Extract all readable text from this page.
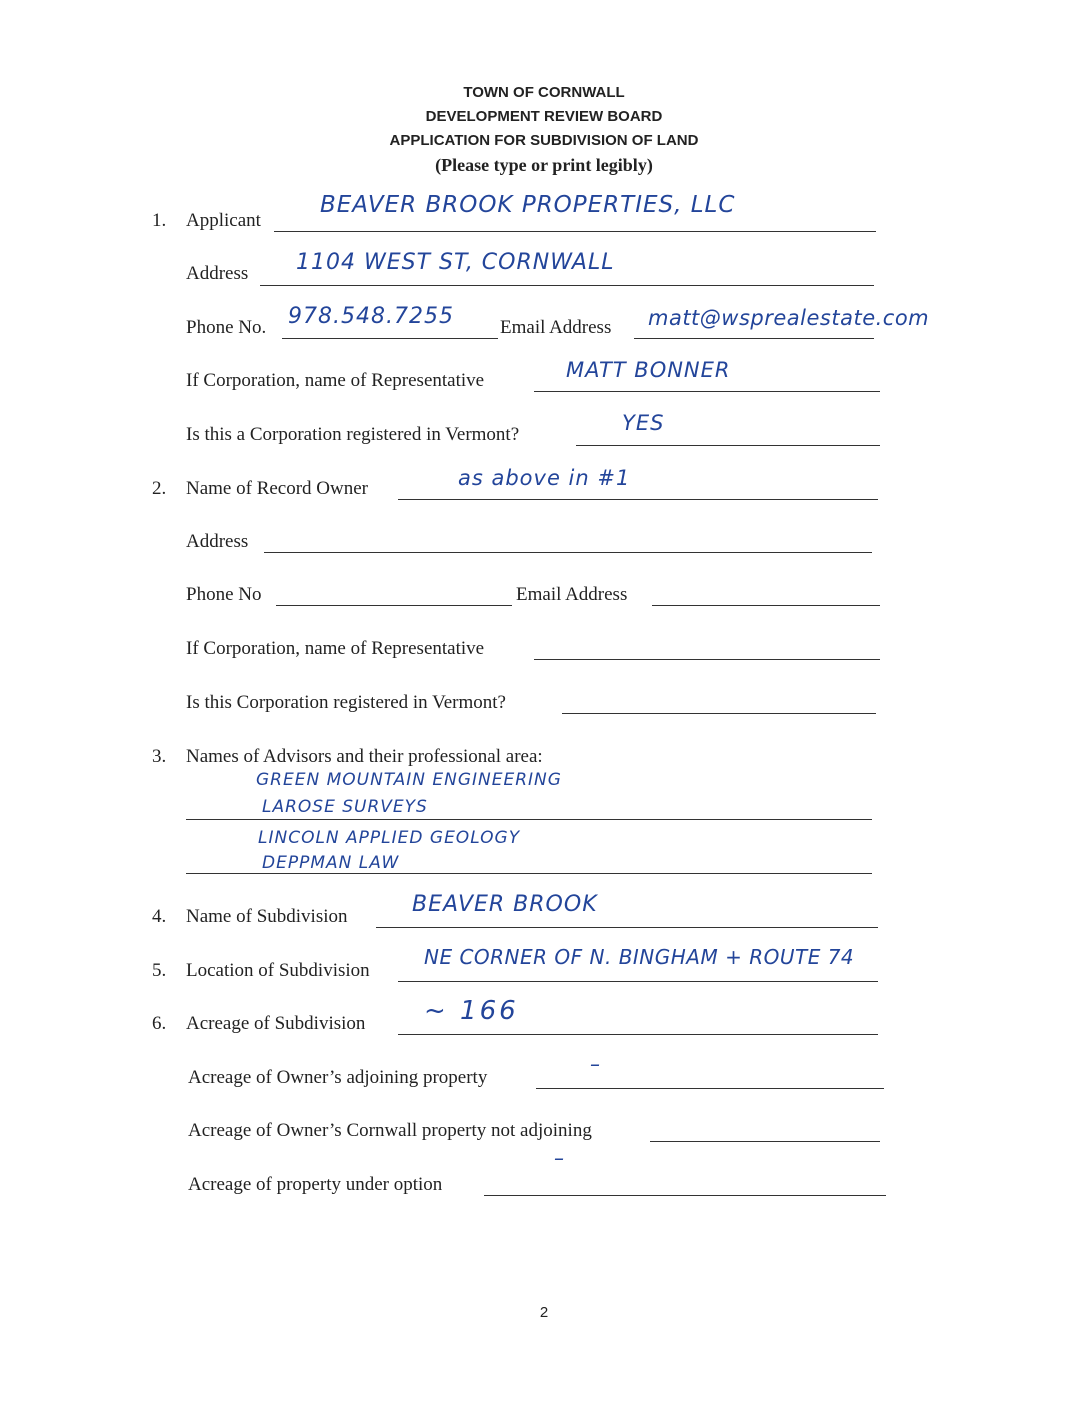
TOWN OF CORNWALL
DEVELOPMENT REVIEW BOARD
APPLICATION FOR SUBDIVISION OF LAND
(Please type or print legibly)
1. Applicant
BEAVER BROOK PROPERTIES, LLC
Address 1104 WEST ST, CORNWALL
Phone No. 978.548.7255 Email Address matt@wsprealestate.com
If Corporation, name of Representative	MATT BONNER
Is this a Corporation registered in Vermont?	YES
2. Name of Record Owner	as above in #1
Address
Phone No	Email Address
If Corporation, name of Representative
Is this Corporation registered in Vermont?
3. Names of Advisors and their professional area:
GREEN MOUNTAIN ENGINEERING
LAROSE SURVEYS
LINCOLN APPLIED GEOLOGY
DEPPMAN LAW
4. Name of Subdivision	BEAVER BROOK
5. Location of Subdivision
NE CORNER OF N. BINGHAM + ROUTE 74
6. Acreage of Subdivision ~ 166
Acreage of Owner’s adjoining property
–
Acreage of Owner’s Cornwall property not adjoining
Acreage of property under option
–
2
